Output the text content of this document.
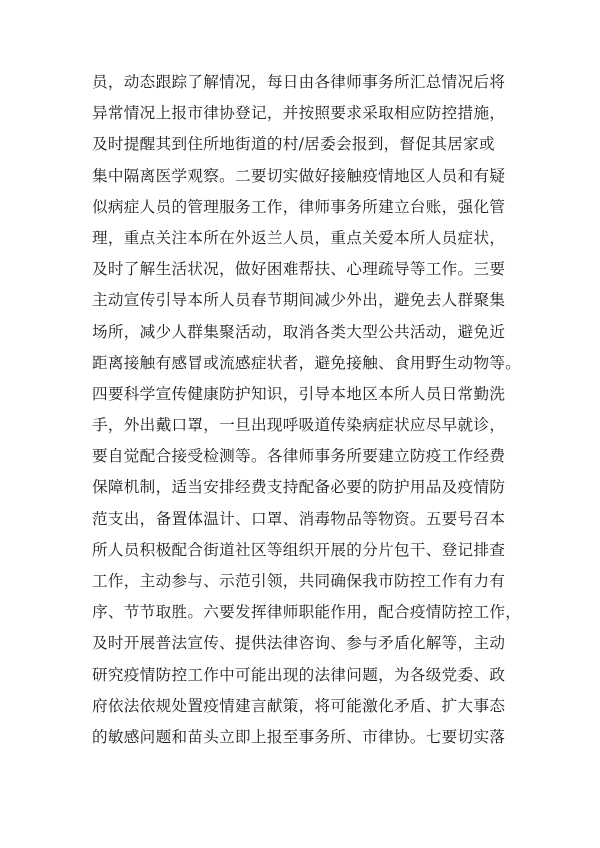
员，动态跟踪了解情况，每日由各律师事务所汇总情况后将
异常情况上报市律协登记，并按照要求采取相应防控措施，
及时提醒其到住所地街道的村/居委会报到，督促其居家或
集中隔离医学观察。二要切实做好接触疫情地区人员和有疑
似病症人员的管理服务工作，律师事务所建立台账，强化管
理，重点关注本所在外返兰人员，重点关爱本所人员症状，
及时了解生活状况，做好困难帮扶、心理疏导等工作。三要
主动宣传引导本所人员春节期间减少外出，避免去人群聚集
场所，减少人群集聚活动，取消各类大型公共活动，避免近
距离接触有感冒或流感症状者，避免接触、食用野生动物等。
四要科学宣传健康防护知识，引导本地区本所人员日常勤洗
手，外出戴口罩，一旦出现呼吸道传染病症状应尽早就诊，
要自觉配合接受检测等。各律师事务所要建立防疫工作经费
保障机制，适当安排经费支持配备必要的防护用品及疫情防
范支出，备置体温计、口罩、消毒物品等物资。五要号召本
所人员积极配合街道社区等组织开展的分片包干、登记排查
工作，主动参与、示范引领，共同确保我市防控工作有力有
序、节节取胜。六要发挥律师职能作用，配合疫情防控工作，
及时开展普法宣传、提供法律咨询、参与矛盾化解等，主动
研究疫情防控工作中可能出现的法律问题，为各级党委、政
府依法依规处置疫情建言献策，将可能激化矛盾、扩大事态
的敏感问题和苗头立即上报至事务所、市律协。七要切实落
